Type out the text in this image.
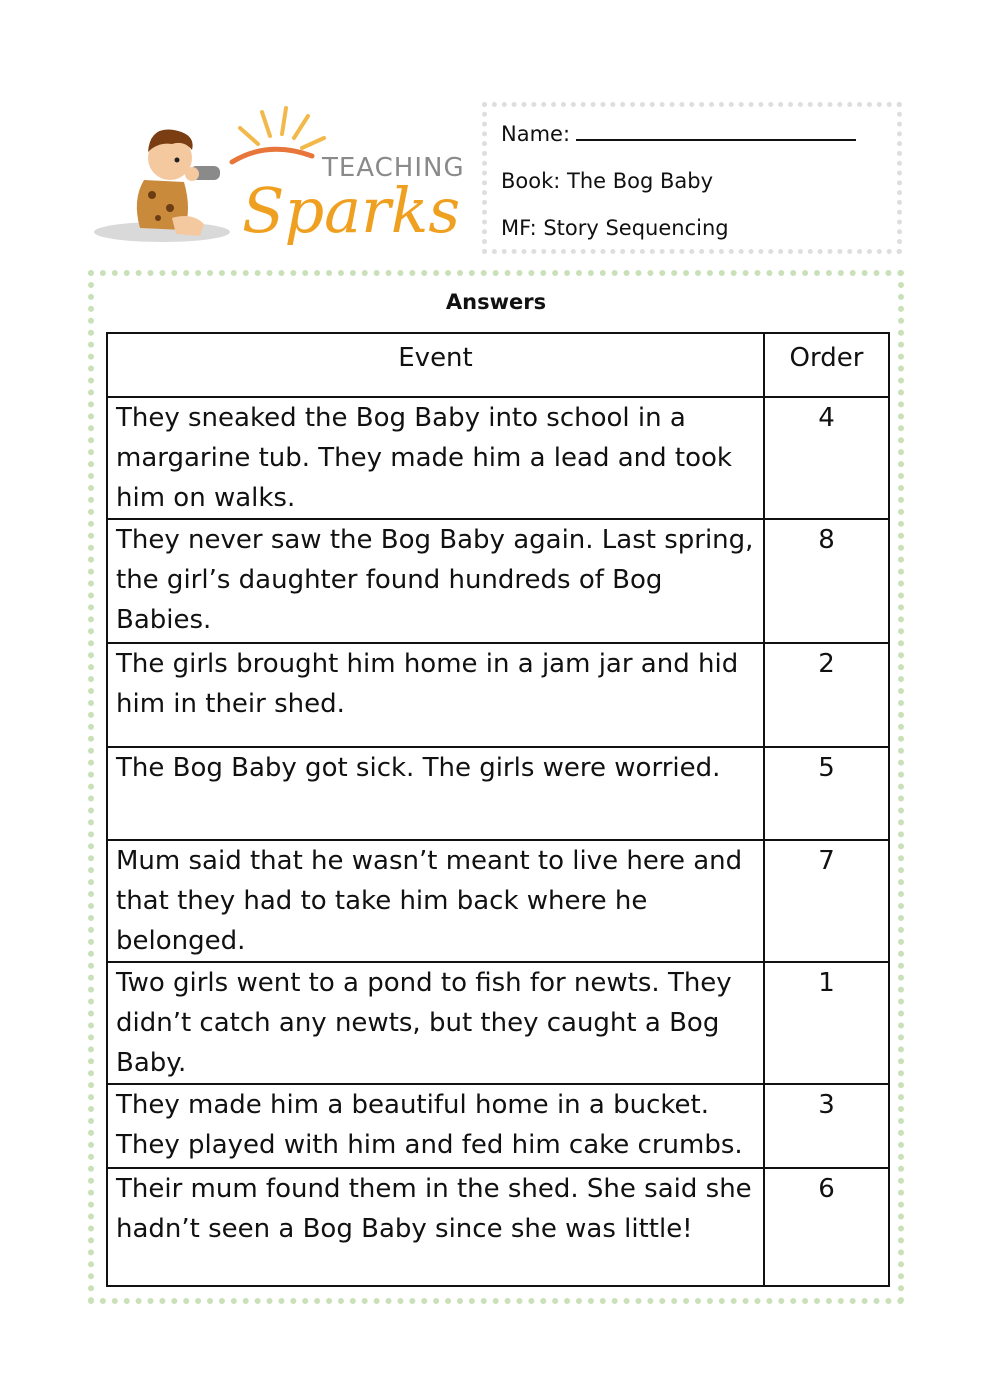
TEACHING
Sparks
Name:
Book: The Bog Baby
MF: Story Sequencing
Answers
Event	Order
They sneaked the Bog Baby into school in a margarine tub. They made him a lead and took him on walks.	4
They never saw the Bog Baby again. Last spring, the girl’s daughter found hundreds of Bog Babies.	8
The girls brought him home in a jam jar and hid him in their shed.	2
The Bog Baby got sick. The girls were worried.	5
Mum said that he wasn’t meant to live here and that they had to take him back where he belonged.	7
Two girls went to a pond to fish for newts. They didn’t catch any newts, but they caught a Bog Baby.	1
They made him a beautiful home in a bucket. They played with him and fed him cake crumbs.	3
Their mum found them in the shed. She said she hadn’t seen a Bog Baby since she was little!	6
